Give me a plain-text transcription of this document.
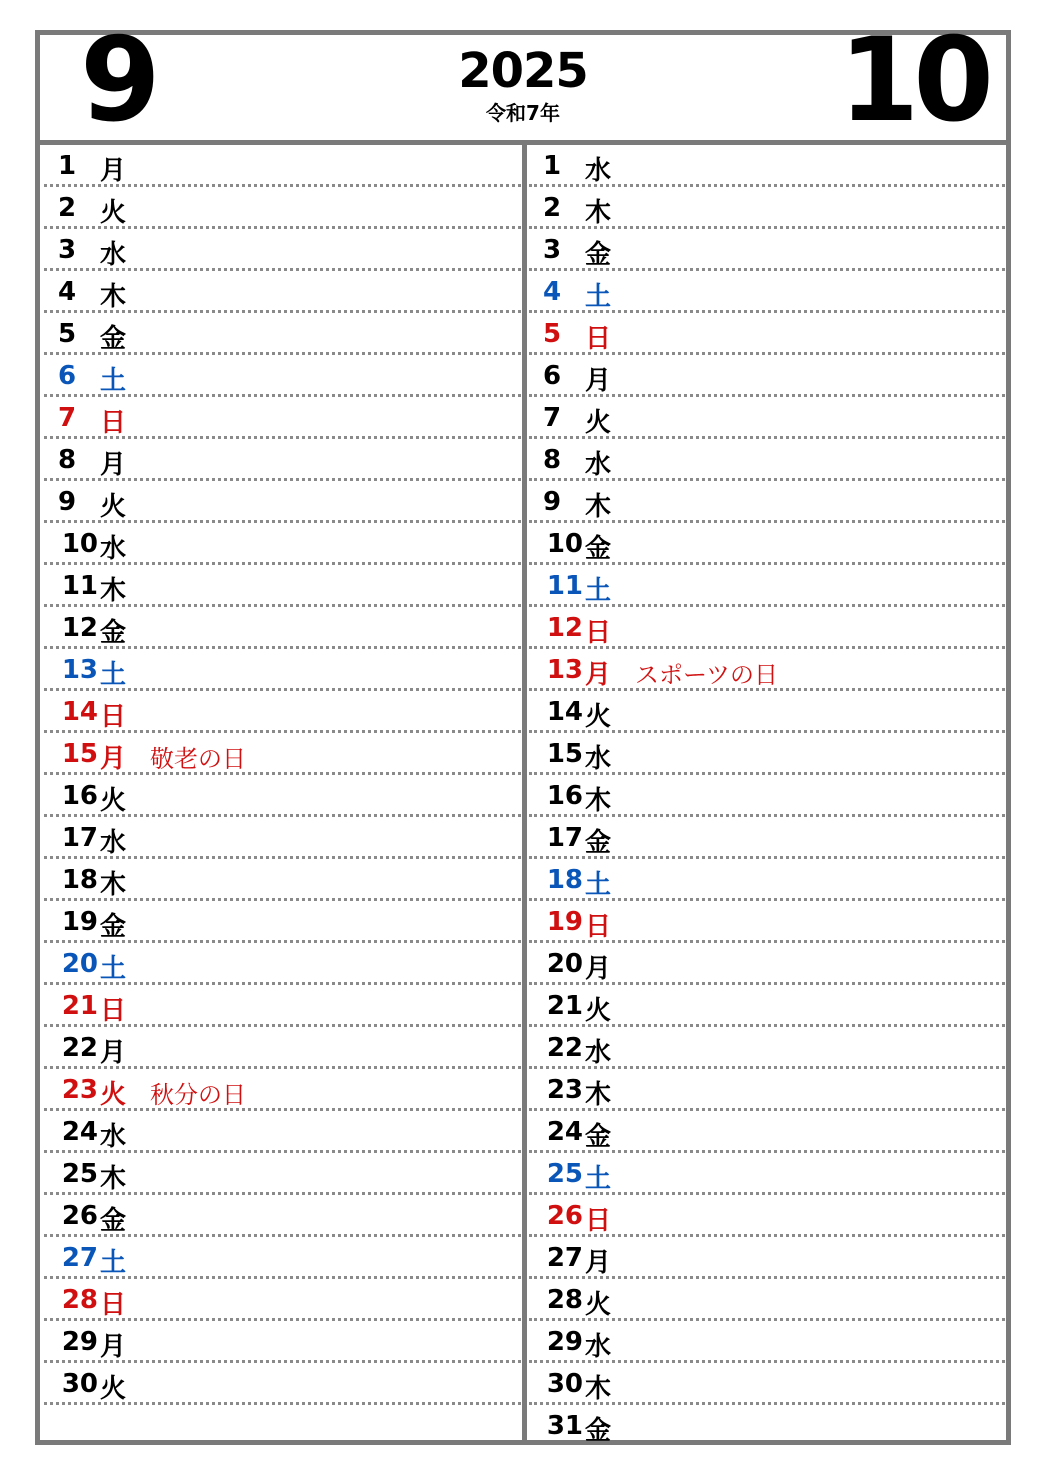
9	2025
令和7年	10
1 月
2 火
3 水
4 木
5 金
6 土
7 日
8 月
9 火
10 水
11 木
12 金
13 土
14 日
15 月 敬老の日
16 火
17 水
18 木
19 金
20 土
21 日
22 月
23 火 秋分の日
24 水
25 木
26 金
27 土
28 日
29 月
30 火
1 水
2 木
3 金
4 土
5 日
6 月
7 火
8 水
9 木
10 金
11 土
12 日
13 月 スポーツの日
14 火
15 水
16 木
17 金
18 土
19 日
20 月
21 火
22 水
23 木
24 金
25 土
26 日
27 月
28 火
29 水
30 木
31 金
